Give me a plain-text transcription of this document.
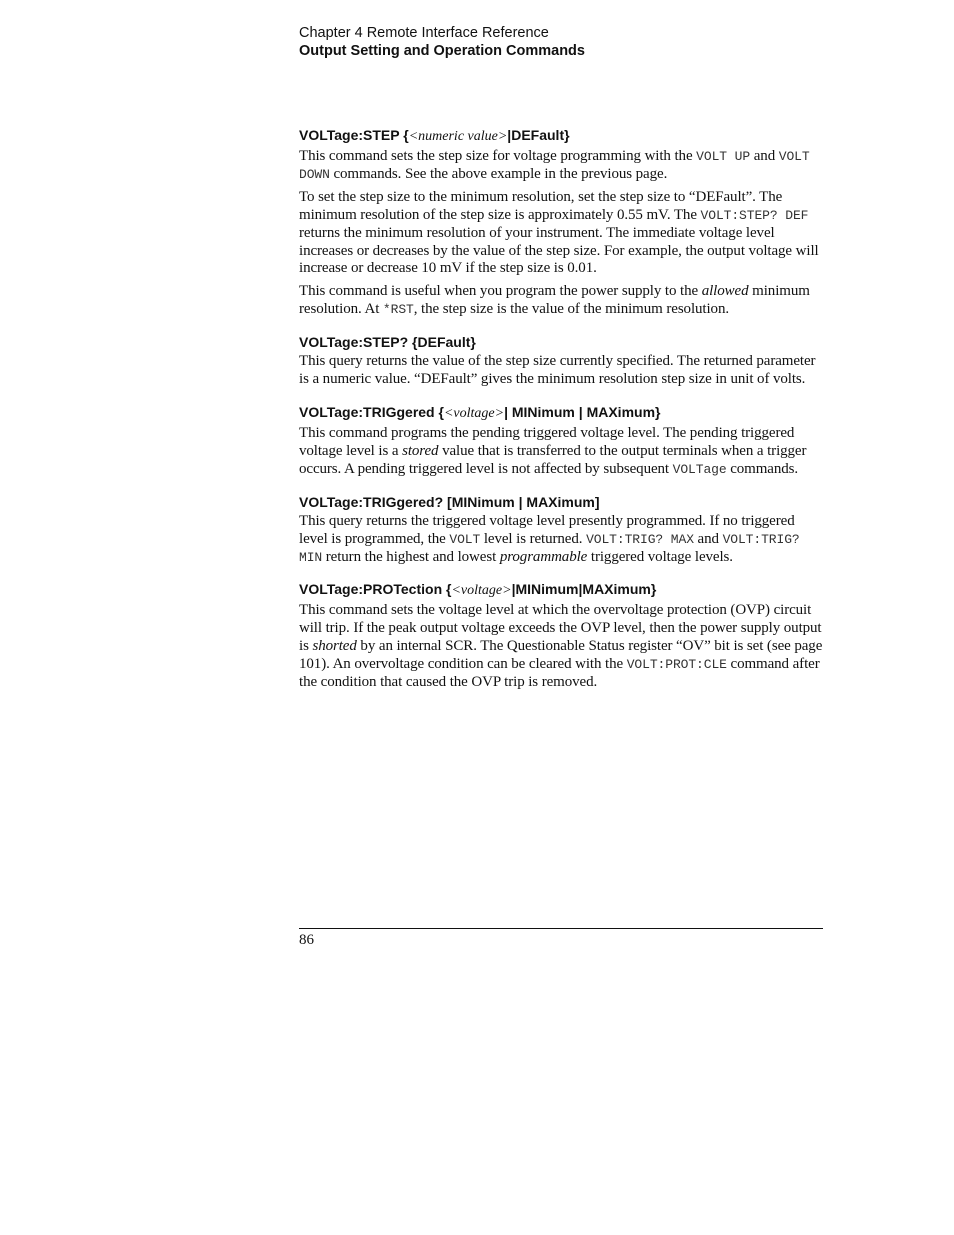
Chapter 4 Remote Interface Reference
Output Setting and Operation Commands
VOLTage:STEP {<numeric value>|DEFault}

This command sets the step size for voltage programming with the VOLT UP and VOLT DOWN commands. See the above example in the previous page.

To set the step size to the minimum resolution, set the step size to “DEFault”. The minimum resolution of the step size is approximately 0.55 mV. The VOLT:STEP? DEF returns the minimum resolution of your instrument. The immediate voltage level increases or decreases by the value of the step size. For example, the output voltage will increase or decrease 10 mV if the step size is 0.01.

This command is useful when you program the power supply to the allowed minimum resolution. At *RST, the step size is the value of the minimum resolution.

VOLTage:STEP? {DEFault}

This query returns the value of the step size currently specified. The returned parameter is a numeric value. “DEFault” gives the minimum resolution step size in unit of volts.

VOLTage:TRIGgered {<voltage>| MINimum | MAXimum}

This command programs the pending triggered voltage level. The pending triggered voltage level is a stored value that is transferred to the output terminals when a trigger occurs. A pending triggered level is not affected by subsequent VOLTage commands.

VOLTage:TRIGgered? [MINimum | MAXimum]

This query returns the triggered voltage level presently programmed. If no triggered level is programmed, the VOLT level is returned. VOLT:TRIG? MAX and VOLT:TRIG? MIN return the highest and lowest programmable triggered voltage levels.

VOLTage:PROTection {<voltage>|MINimum|MAXimum}

This command sets the voltage level at which the overvoltage protection (OVP) circuit will trip. If the peak output voltage exceeds the OVP level, then the power supply output is shorted by an internal SCR. The Questionable Status register “OV” bit is set (see page 101). An overvoltage condition can be cleared with the VOLT:PROT:CLE command after the condition that caused the OVP trip is removed.

86
